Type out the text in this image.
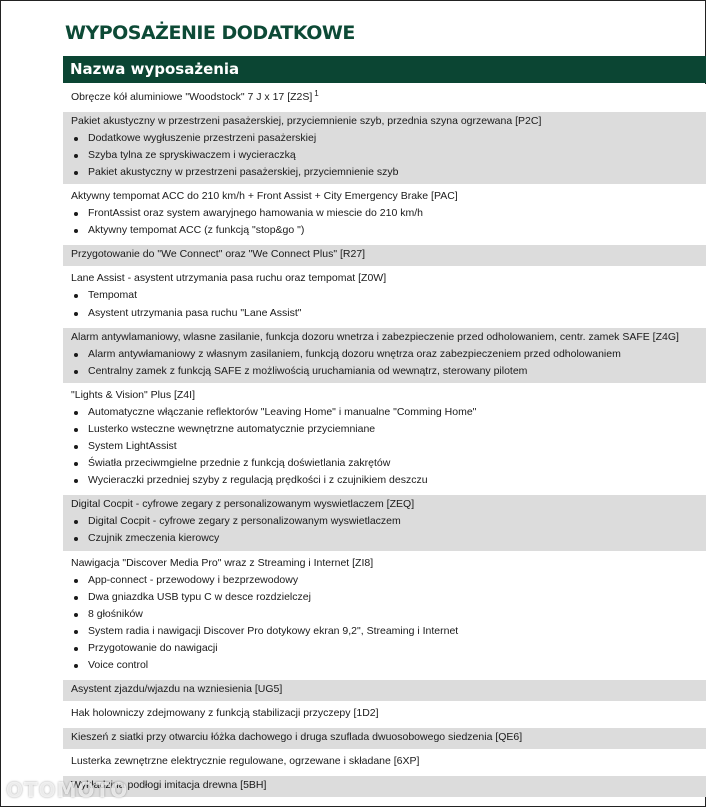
WYPOSAŻENIE DODATKOWE
Nazwa wyposażenia
Obręcze kół aluminiowe "Woodstock" 7 J x 17 [Z2S] $^1$
Pakiet akustyczny w przestrzeni pasażerskiej, przyciemnienie szyb, przednia szyna ogrzewana [P2C]
Dodatkowe wygłuszenie przestrzeni pasażerskiej
Szyba tylna ze spryskiwaczem i wycieraczką
Pakiet akustyczny w przestrzeni pasażerskiej, przyciemnienie szyb
Aktywny tempomat ACC do 210 km/h + Front Assist + City Emergency Brake [PAC]
FrontAssist oraz system awaryjnego hamowania w miescie do 210 km/h
Aktywny tempomat ACC (z funkcją "stop&go ")
Przygotowanie do "We Connect" oraz "We Connect Plus" [R27]
Lane Assist - asystent utrzymania pasa ruchu oraz tempomat [Z0W]
Tempomat
Asystent utrzymania pasa ruchu "Lane Assist"
Alarm antywlamaniowy, wlasne zasilanie, funkcja dozoru wnetrza i zabezpieczenie przed odholowaniem, centr. zamek SAFE [Z4G]
Alarm antywłamaniowy z własnym zasilaniem, funkcją dozoru wnętrza oraz zabezpieczeniem przed odholowaniem
Centralny zamek z funkcją SAFE z możliwością uruchamiania od wewnątrz, sterowany pilotem
"Lights & Vision" Plus [Z4I]
Automatyczne włączanie reflektorów "Leaving Home" i manualne "Comming Home"
Lusterko wsteczne wewnętrzne automatycznie przyciemniane
System LightAssist
Światła przeciwmgielne przednie z funkcją doświetlania zakrętów
Wycieraczki przedniej szyby z regulacją prędkości i z czujnikiem deszczu
Digital Cocpit - cyfrowe zegary z personalizowanym wyswietlaczem [ZEQ]
Digital Cocpit - cyfrowe zegary z personalizowanym wyswietlaczem
Czujnik zmeczenia kierowcy
Nawigacja "Discover Media Pro" wraz z Streaming i Internet [ZI8]
App-connect - przewodowy i bezprzewodowy
Dwa gniazdka USB typu C w desce rozdzielczej
8 głośników
System radia i nawigacji Discover Pro dotykowy ekran 9,2", Streaming i Internet
Przygotowanie do nawigacji
Voice control
Asystent zjazdu/wjazdu na wzniesienia [UG5]
Hak holowniczy zdejmowany z funkcją stabilizacji przyczepy [1D2]
Kieszeń z siatki przy otwarciu łóżka dachowego i druga szuflada dwuosobowego siedzenia [QE6]
Lusterka zewnętrzne elektrycznie regulowane, ogrzewane i składane [6XP]
Wykładzina podłogi imitacja drewna [5BH]
OTOMOTO
